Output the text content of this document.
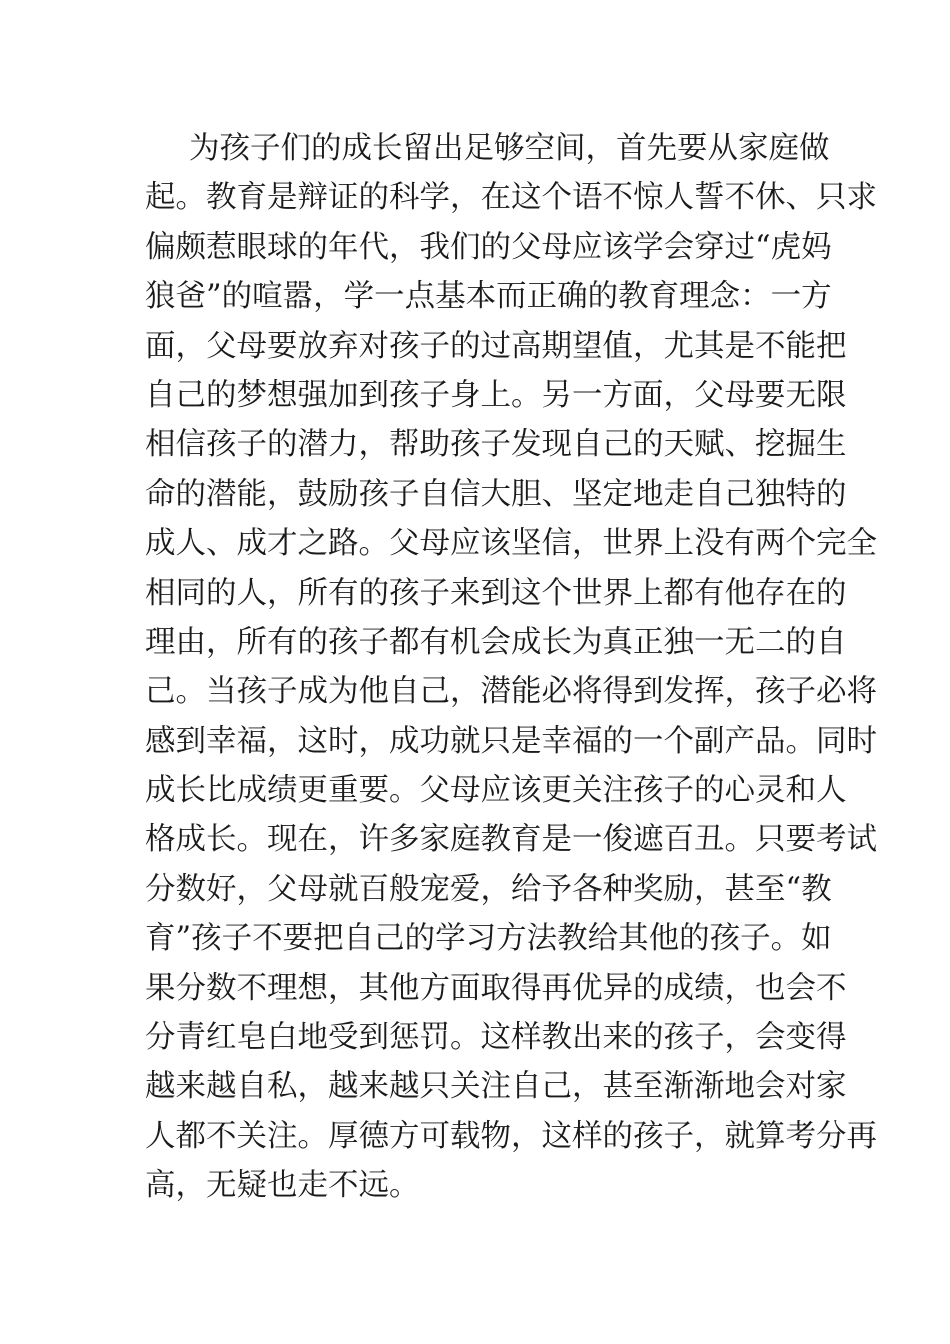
为孩子们的成长留出足够空间，首先要从家庭做
起。教育是辩证的科学，在这个语不惊人誓不休、只求
偏颇惹眼球的年代，我们的父母应该学会穿过“虎妈
狼爸”的喧嚣，学一点基本而正确的教育理念：一方
面，父母要放弃对孩子的过高期望值，尤其是不能把
自己的梦想强加到孩子身上。另一方面，父母要无限
相信孩子的潜力，帮助孩子发现自己的天赋、挖掘生
命的潜能，鼓励孩子自信大胆、坚定地走自己独特的
成人、成才之路。父母应该坚信，世界上没有两个完全
相同的人，所有的孩子来到这个世界上都有他存在的
理由，所有的孩子都有机会成长为真正独一无二的自
己。当孩子成为他自己，潜能必将得到发挥，孩子必将
感到幸福，这时，成功就只是幸福的一个副产品。同时
成长比成绩更重要。父母应该更关注孩子的心灵和人
格成长。现在，许多家庭教育是一俊遮百丑。只要考试
分数好，父母就百般宠爱，给予各种奖励，甚至“教
育”孩子不要把自己的学习方法教给其他的孩子。如
果分数不理想，其他方面取得再优异的成绩，也会不
分青红皂白地受到惩罚。这样教出来的孩子，会变得
越来越自私，越来越只关注自己，甚至渐渐地会对家
人都不关注。厚德方可载物，这样的孩子，就算考分再
高，无疑也走不远。
